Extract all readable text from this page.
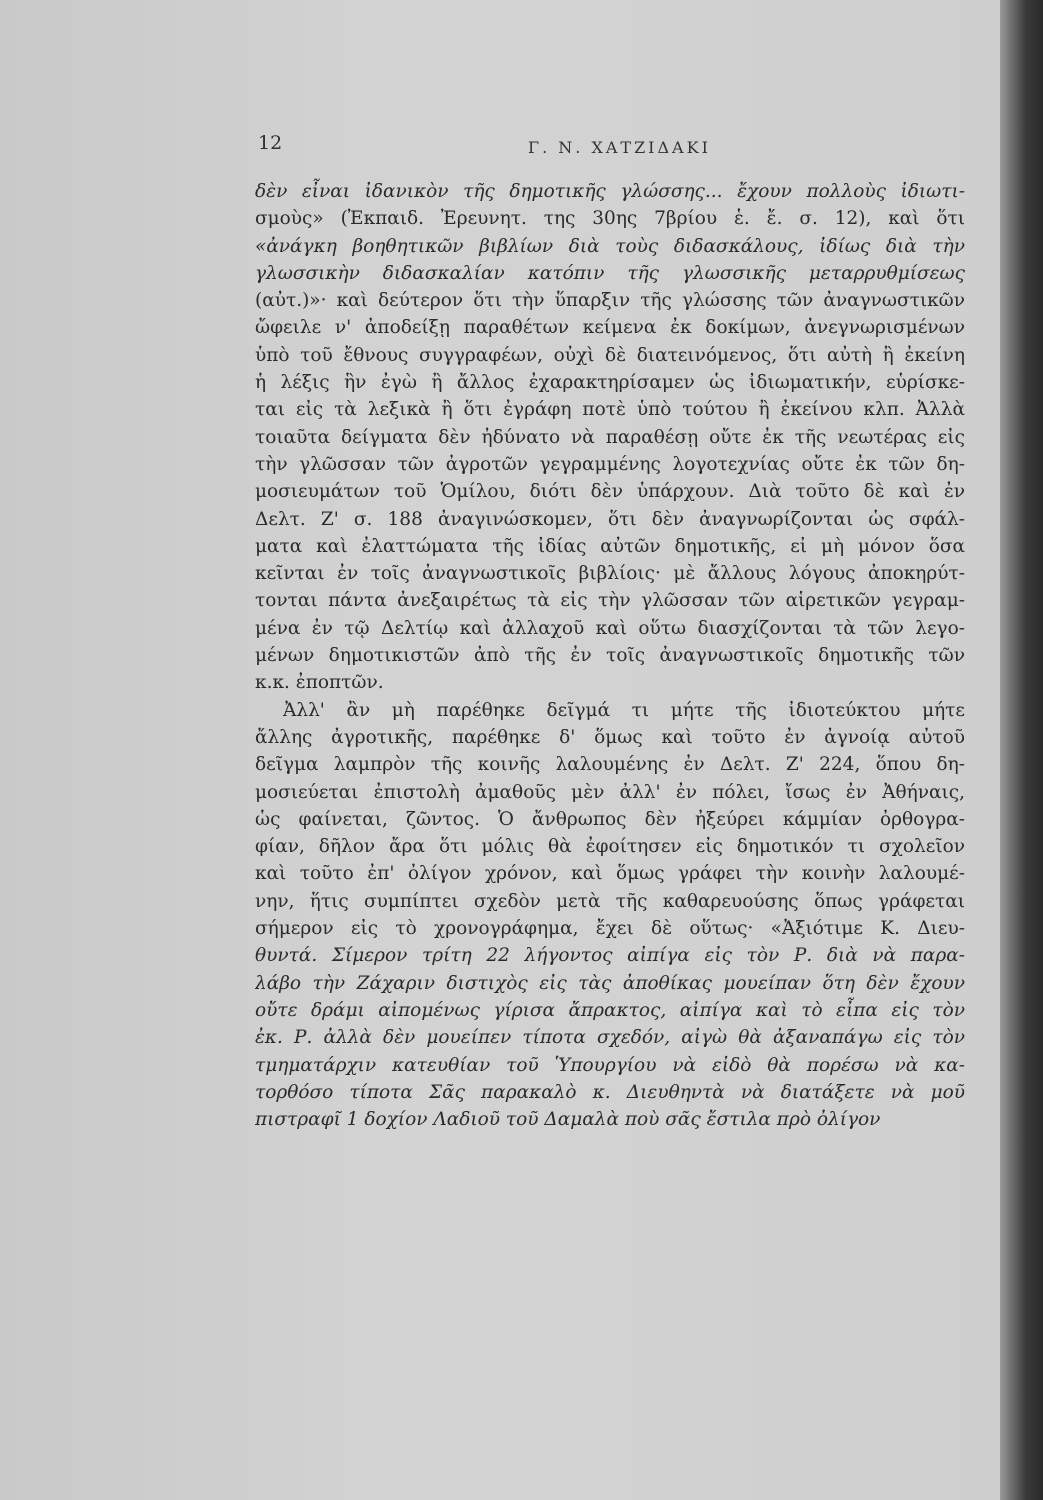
12	Γ. Ν. ΧΑΤΖΙΔΑΚΙ
δὲν εἶναι ἰδανικὸν τῆς δημοτικῆς γλώσσης... ἔχουν πολλοὺς ἰδιωτι-
σμοὺς» (Ἐκπαιδ. Ἐρευνητ. της 30ης 7βρίου ἑ. ἔ. σ. 12), καὶ ὅτι
«ἀνάγκη βοηθητικῶν βιβλίων διὰ τοὺς διδασκάλους, ἰδίως διὰ τὴν
γλωσσικὴν διδασκαλίαν κατόπιν τῆς γλωσσικῆς μεταρρυθμίσεως
(αὐτ.)»· καὶ δεύτερον ὅτι τὴν ὕπαρξιν τῆς γλώσσης τῶν ἀναγνωστικῶν
ὤφειλε ν' ἀποδείξῃ παραθέτων κείμενα ἐκ δοκίμων, ἀνεγνωρισμένων
ὑπὸ τοῦ ἔθνους συγγραφέων, οὐχὶ δὲ διατεινόμενος, ὅτι αὐτὴ ἢ ἐκείνη
ἡ λέξις ἣν ἐγὼ ἢ ἄλλος ἐχαρακτηρίσαμεν ὡς ἰδιωματικήν, εὑρίσκε-
ται εἰς τὰ λεξικὰ ἢ ὅτι ἐγράφη ποτὲ ὑπὸ τούτου ἢ ἐκείνου κλπ. Ἀλλὰ
τοιαῦτα δείγματα δὲν ἠδύνατο νὰ παραθέσῃ οὔτε ἐκ τῆς νεωτέρας εἰς
τὴν γλῶσσαν τῶν ἀγροτῶν γεγραμμένης λογοτεχνίας οὔτε ἐκ τῶν δη-
μοσιευμάτων τοῦ Ὁμίλου, διότι δὲν ὑπάρχουν. Διὰ τοῦτο δὲ καὶ ἐν
Δελτ. Ζ' σ. 188 ἀναγινώσκομεν, ὅτι δὲν ἀναγνωρίζονται ὡς σφάλ-
ματα καὶ ἐλαττώματα τῆς ἰδίας αὐτῶν δημοτικῆς, εἰ μὴ μόνον ὅσα
κεῖνται ἐν τοῖς ἀναγνωστικοῖς βιβλίοις· μὲ ἄλλους λόγους ἀποκηρύτ-
τονται πάντα ἀνεξαιρέτως τὰ εἰς τὴν γλῶσσαν τῶν αἱρετικῶν γεγραμ-
μένα ἐν τῷ Δελτίῳ καὶ ἀλλαχοῦ καὶ οὕτω διασχίζονται τὰ τῶν λεγο-
μένων δημοτικιστῶν ἀπὸ τῆς ἐν τοῖς ἀναγνωστικοῖς δημοτικῆς τῶν
κ.κ. ἐποπτῶν.
Ἀλλ' ἂν μὴ παρέθηκε δεῖγμά τι μήτε τῆς ἰδιοτεύκτου μήτε
ἄλλης ἀγροτικῆς, παρέθηκε δ' ὅμως καὶ τοῦτο ἐν ἀγνοίᾳ αὐτοῦ
δεῖγμα λαμπρὸν τῆς κοινῆς λαλουμένης ἐν Δελτ. Ζ' 224, ὅπου δη-
μοσιεύεται ἐπιστολὴ ἀμαθοῦς μὲν ἀλλ' ἐν πόλει, ἴσως ἐν Ἀθήναις,
ὡς φαίνεται, ζῶντος. Ὁ ἄνθρωπος δὲν ἠξεύρει κάμμίαν ὀρθογρα-
φίαν, δῆλον ἄρα ὅτι μόλις θὰ ἐφοίτησεν εἰς δημοτικόν τι σχολεῖον
καὶ τοῦτο ἐπ' ὀλίγον χρόνον, καὶ ὅμως γράφει τὴν κοινὴν λαλουμέ-
νην, ἥτις συμπίπτει σχεδὸν μετὰ τῆς καθαρευούσης ὅπως γράφεται
σήμερον εἰς τὸ χρονογράφημα, ἔχει δὲ οὕτως· «Ἀξιότιμε Κ. Διευ-
θυντά. Σίμερον τρίτη 22 λήγοντος αἰπίγα εἰς τὸν Ρ. διὰ νὰ παρα-
λάβο τὴν Ζάχαριν διστιχὸς εἰς τὰς ἀποθίκας μουείπαν ὅτη δὲν ἔχουν
οὔτε δράμι αἰπομένως γίρισα ἄπρακτος, αἰπίγα καὶ τὸ εἶπα εἰς τὸν
ἐκ. Ρ. ἀλλὰ δὲν μουείπεν τίποτα σχεδόν, αἰγὼ θὰ ἀξαναπάγω εἰς τὸν
τμηματάρχιν κατευθίαν τοῦ Ὑπουργίου νὰ εἰδὸ θὰ πορέσω νὰ κα-
τορθόσο τίποτα Σᾶς παρακαλὸ κ. Διευθηντὰ νὰ διατάξετε νὰ μοῦ
πιστραφῖ 1 δοχίον Λαδιοῦ τοῦ Δαμαλὰ ποὺ σᾶς ἔστιλα πρὸ ὀλίγον
